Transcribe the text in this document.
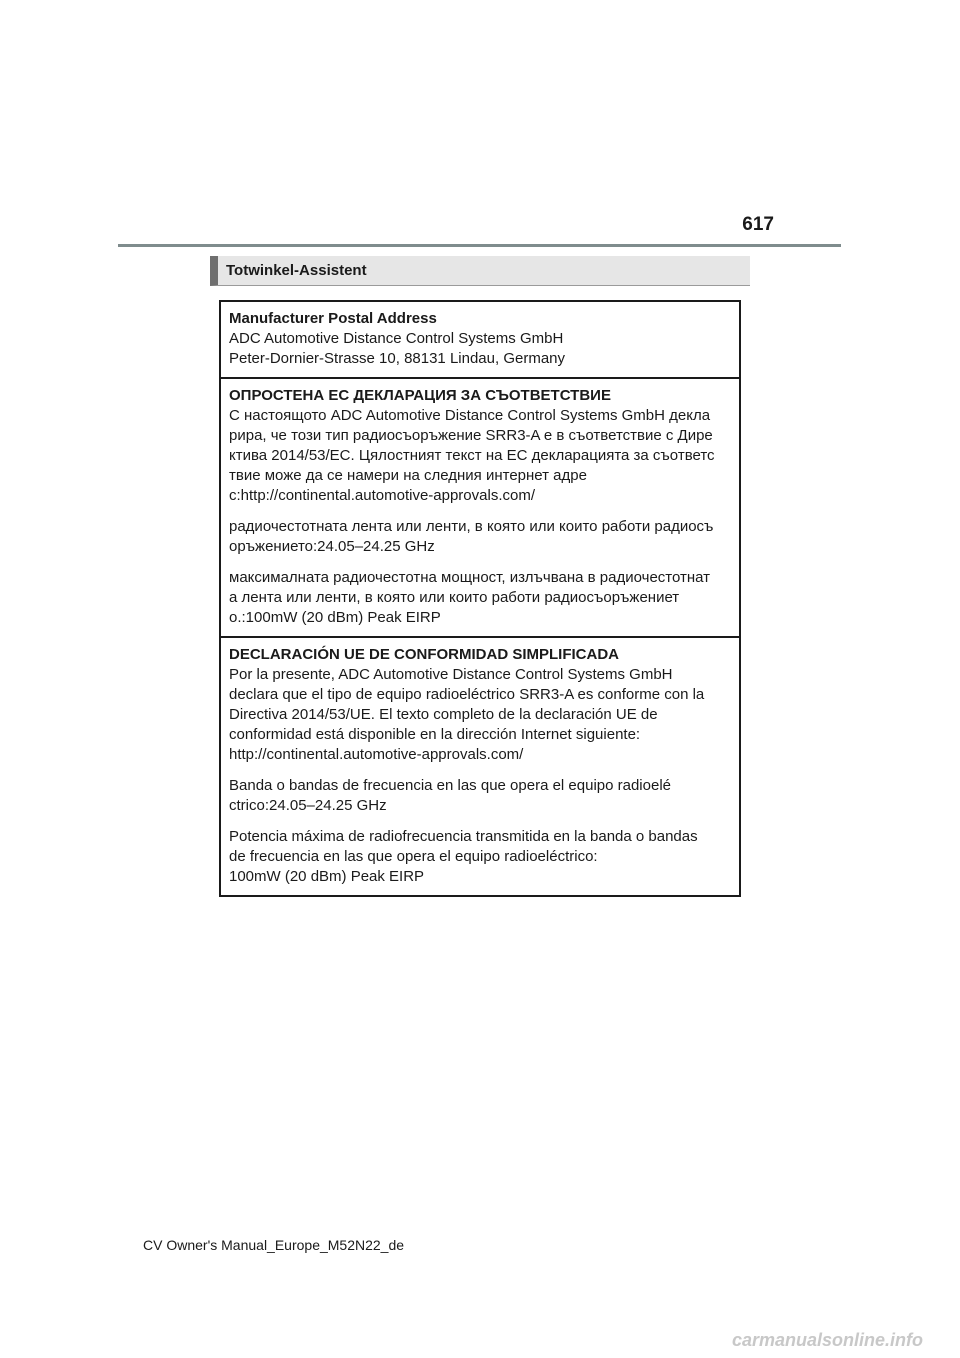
617
Totwinkel-Assistent

Manufacturer Postal Address

ADC Automotive Distance Control Systems GmbH

Peter-Dornier-Strasse 10, 88131 Lindau, Germany

ОПРОСТЕНА ЕС ДЕКЛАРАЦИЯ ЗА СЪОТВЕТСТВИЕ

С настоящото ADC Automotive Distance Control Systems GmbH декла

рира, че този тип радиосъоръжение SRR3-A е в съответствие с Дире

ктива 2014/53/ЕС. Цялостният текст на ЕС декларацията за съответс

твие може да се намери на следния интернет адре

с:http://continental.automotive-approvals.com/

радиочестотната лента или ленти, в която или които работи радиосъ

оръжението:24.05–24.25 GHz

максималната радиочестотна мощност, излъчвана в радиочестотнат

а лента или ленти, в която или които работи радиосъоръжениет

о.:100mW (20 dBm) Peak EIRP

DECLARACIÓN UE DE CONFORMIDAD SIMPLIFICADA

Por la presente, ADC Automotive Distance Control Systems GmbH

declara que el tipo de equipo radioeléctrico SRR3-A es conforme con la

Directiva 2014/53/UE. El texto completo de la declaración UE de

conformidad está disponible en la dirección Internet siguiente:

http://continental.automotive-approvals.com/

Banda o bandas de frecuencia en las que opera el equipo radioelé

ctrico:24.05–24.25 GHz

Potencia máxima de radiofrecuencia transmitida en la banda o bandas

de frecuencia en las que opera el equipo radioeléctrico:

100mW (20 dBm) Peak EIRP

CV Owner's Manual_Europe_M52N22_de
carmanualsonline.info
